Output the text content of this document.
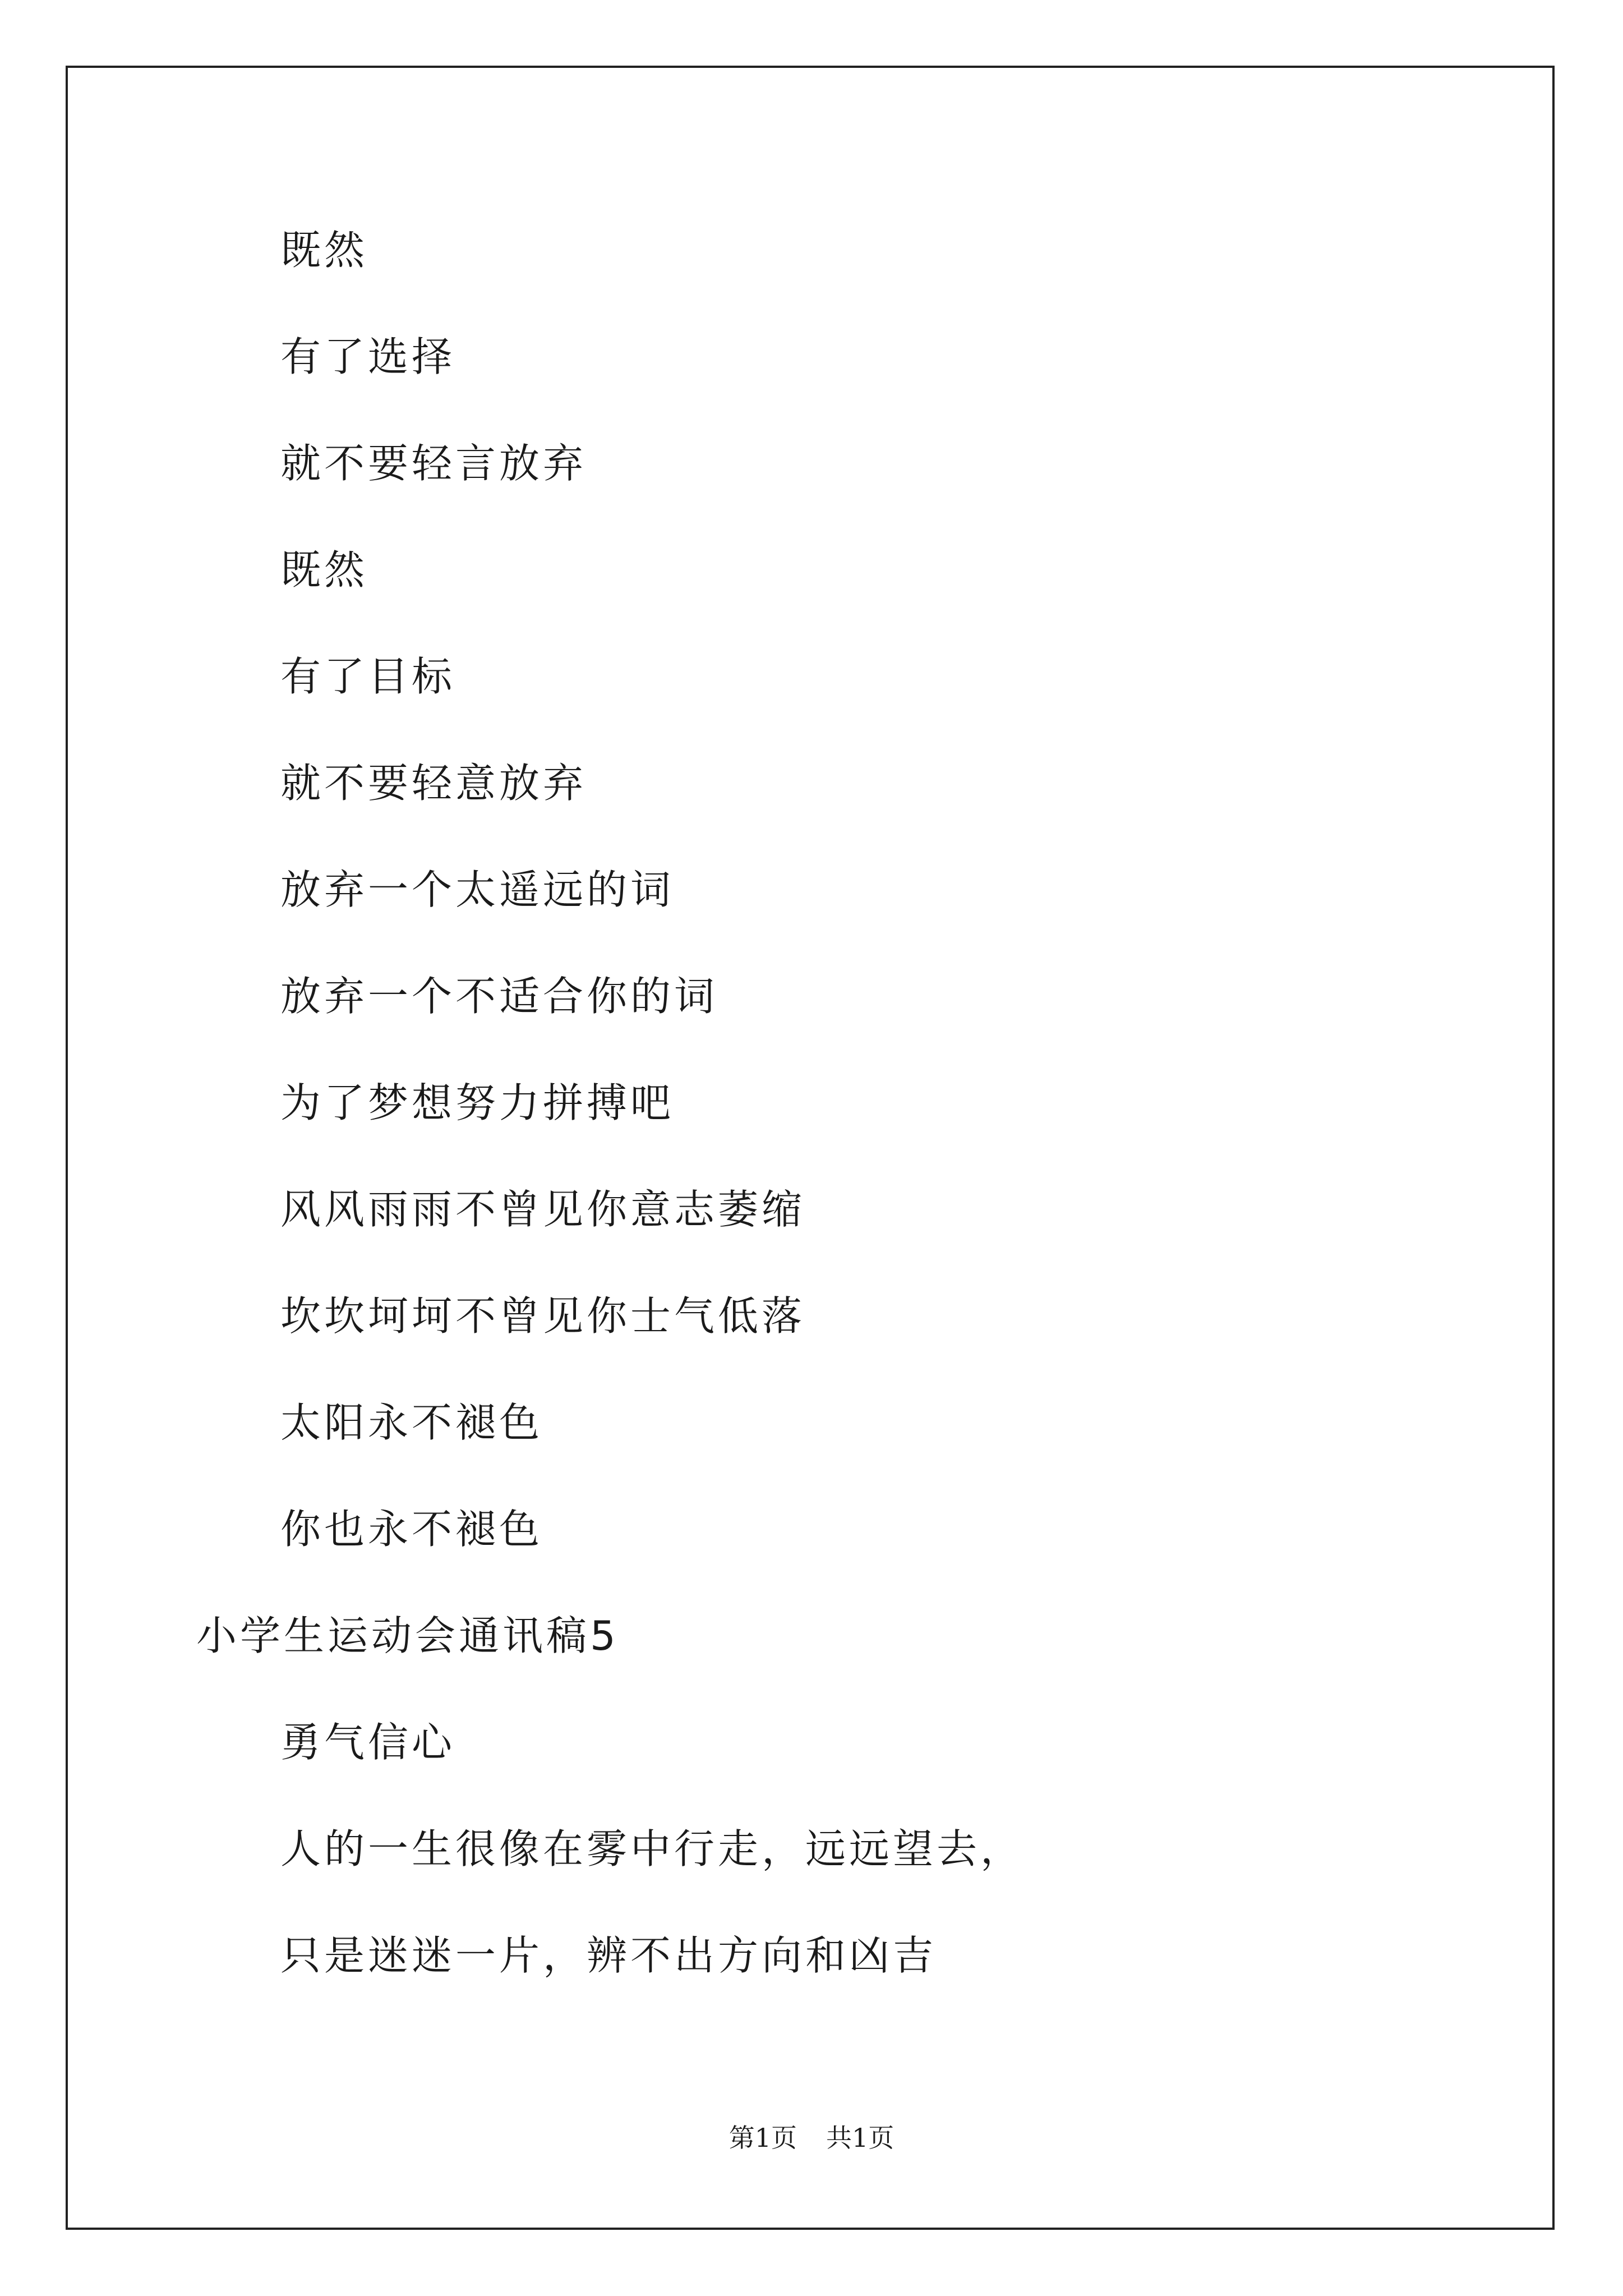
既然

有了选择

就不要轻言放弃

既然

有了目标

就不要轻意放弃

放弃一个太遥远的词

放弃一个不适合你的词

为了梦想努力拼搏吧

风风雨雨不曾见你意志萎缩

坎坎坷坷不曾见你士气低落

太阳永不褪色

你也永不褪色

小学生运动会通讯稿5

勇气信心

人的一生很像在雾中行走，远远望去，

只是迷迷一片，辨不出方向和凶吉

第1页 共1页
